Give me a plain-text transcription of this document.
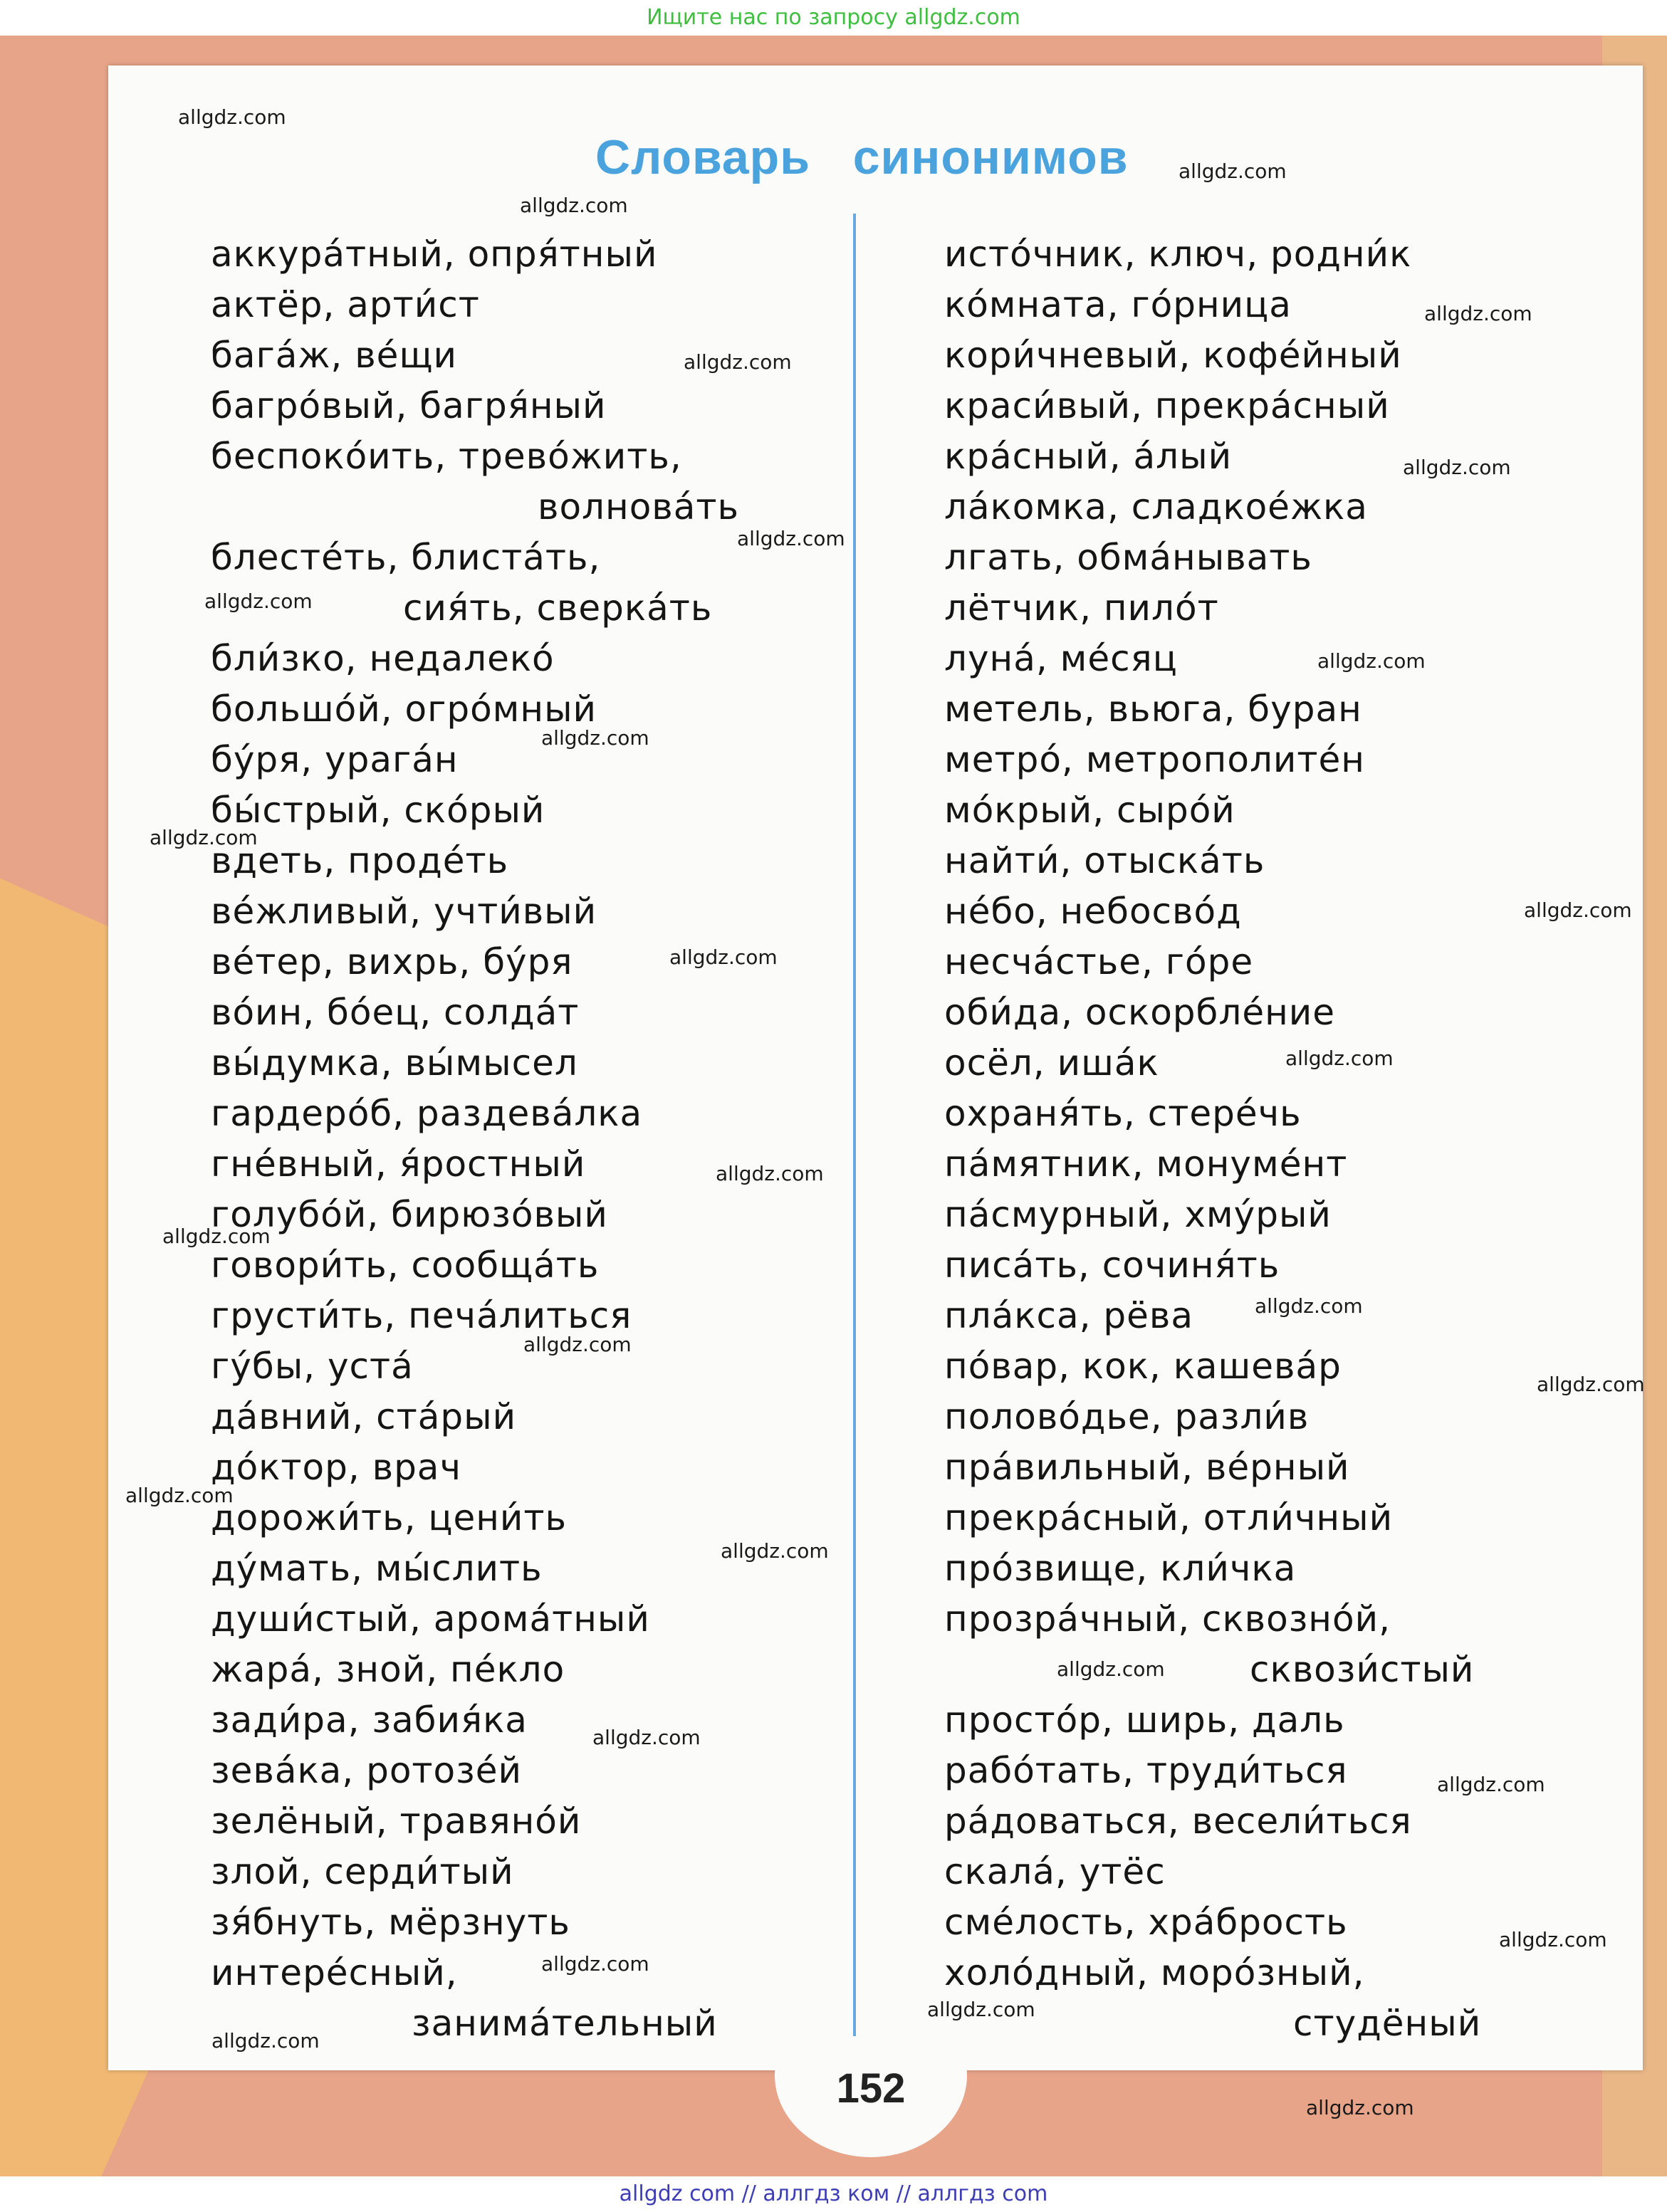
Ищите нас по запросу allgdz.com
152
Словарь   синонимов
аккура́тный, опря́тный
актёр, арти́ст
бага́ж, ве́щи
багро́вый, багря́ный
беспоко́ить, трево́жить,
волнова́ть
блесте́ть, блиста́ть,
сия́ть, сверка́ть
бли́зко, недалеко́
большо́й, огро́мный
бу́ря, урага́н
бы́стрый, ско́рый
вдеть, проде́ть
ве́жливый, учти́вый
ве́тер, вихрь, бу́ря
во́ин, бо́ец, солда́т
вы́думка, вы́мысел
гардеро́б, раздева́лка
гне́вный, я́ростный
голубо́й, бирюзо́вый
говори́ть, сообща́ть
грусти́ть, печа́литься
гу́бы, уста́
да́вний, ста́рый
до́ктор, врач
дорожи́ть, цени́ть
ду́мать, мы́слить
души́стый, арома́тный
жара́, зной, пе́кло
зади́ра, забия́ка
зева́ка, ротозе́й
зелёный, травяно́й
злой, серди́тый
зя́бнуть, мёрзнуть
интере́сный,
занима́тельный
исто́чник, ключ, родни́к
ко́мната, го́рница
кори́чневый, кофе́йный
краси́вый, прекра́сный
кра́сный, а́лый
ла́комка, сладкое́жка
лгать, обма́нывать
лётчик, пило́т
луна́, ме́сяц
метель, вьюга, буран
метро́, метрополите́н
мо́крый, сыро́й
найти́, отыска́ть
не́бо, небосво́д
несча́стье, го́ре
оби́да, оскорбле́ние
осёл, иша́к
охраня́ть, стере́чь
па́мятник, монуме́нт
па́смурный, хму́рый
писа́ть, сочиня́ть
пла́кса, рёва
по́вар, кок, кашева́р
полово́дье, разли́в
пра́вильный, ве́рный
прекра́сный, отли́чный
про́звище, кли́чка
прозра́чный, сквозно́й,
сквози́стый
просто́р, ширь, даль
рабо́тать, труди́ться
ра́доваться, весели́ться
скала́, утёс
сме́лость, хра́брость
холо́дный, моро́зный,
студёный
allgdz.com
allgdz.com
allgdz.com
allgdz.com
allgdz.com
allgdz.com
allgdz.com
allgdz.com
allgdz.com
allgdz.com
allgdz.com
allgdz.com
allgdz.com
allgdz.com
allgdz.com
allgdz.com
allgdz.com
allgdz.com
allgdz.com
allgdz.com
allgdz.com
allgdz.com
allgdz.com
allgdz.com
allgdz.com
allgdz.com
allgdz.com
allgdz.com
allgdz.com
allgdz com // аллгдз ком // аллгдз com
